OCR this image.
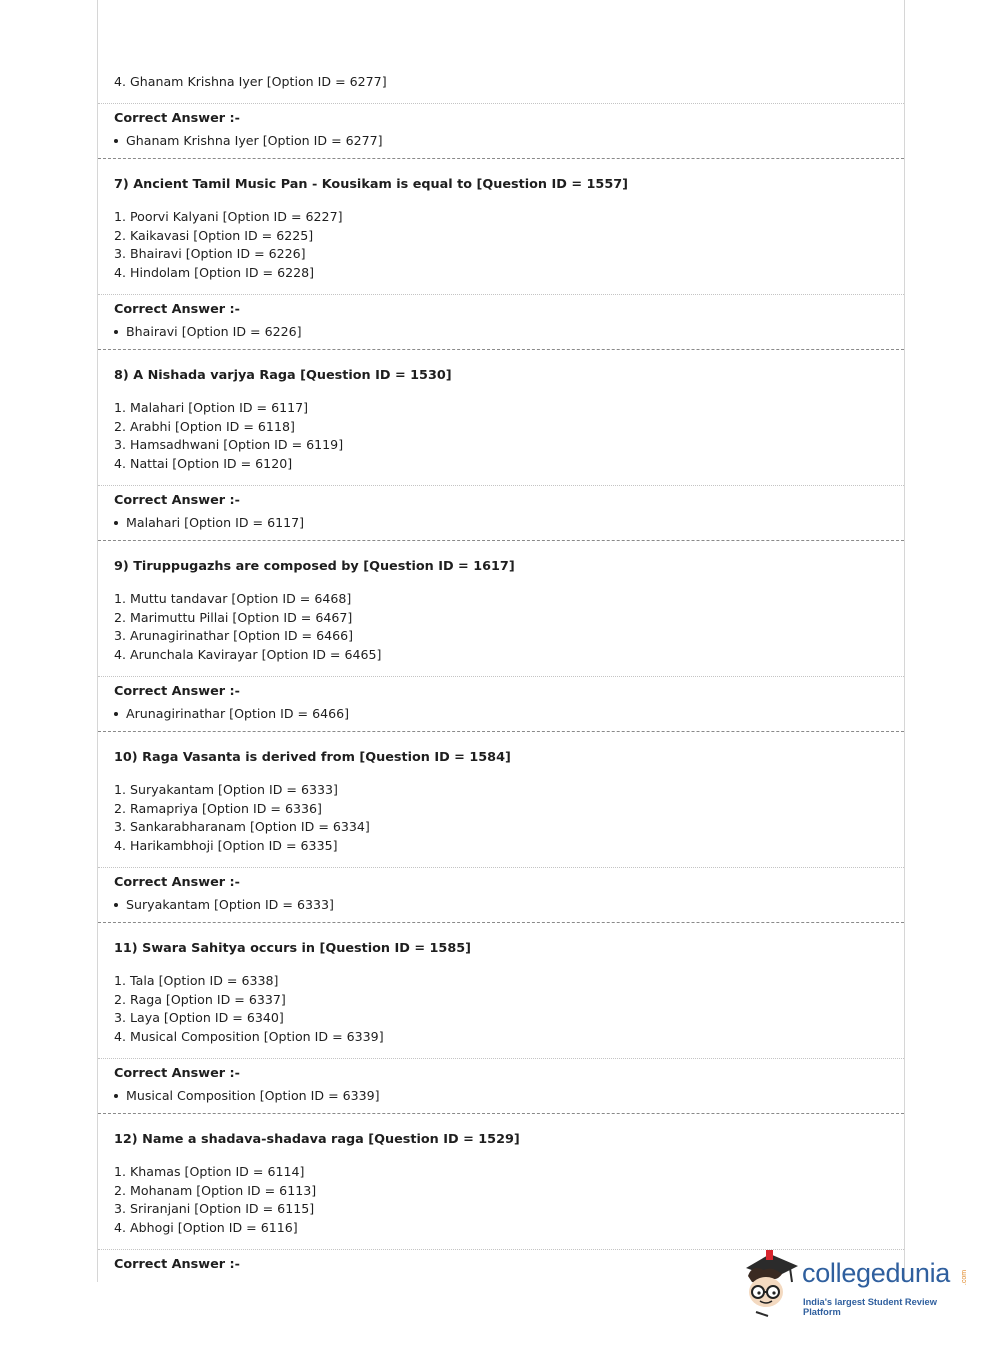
4. Ghanam Krishna Iyer [Option ID = 6277]
Correct Answer :-
Ghanam Krishna Iyer [Option ID = 6277]
7) Ancient Tamil Music Pan - Kousikam is equal to [Question ID = 1557]
1. Poorvi Kalyani [Option ID = 6227]
2. Kaikavasi [Option ID = 6225]
3. Bhairavi [Option ID = 6226]
4. Hindolam [Option ID = 6228]
Correct Answer :-
Bhairavi [Option ID = 6226]
8) A Nishada varjya Raga [Question ID = 1530]
1. Malahari [Option ID = 6117]
2. Arabhi [Option ID = 6118]
3. Hamsadhwani [Option ID = 6119]
4. Nattai [Option ID = 6120]
Correct Answer :-
Malahari [Option ID = 6117]
9) Tiruppugazhs are composed by [Question ID = 1617]
1. Muttu tandavar [Option ID = 6468]
2. Marimuttu Pillai [Option ID = 6467]
3. Arunagirinathar [Option ID = 6466]
4. Arunchala Kavirayar [Option ID = 6465]
Correct Answer :-
Arunagirinathar [Option ID = 6466]
10) Raga Vasanta is derived from [Question ID = 1584]
1. Suryakantam [Option ID = 6333]
2. Ramapriya [Option ID = 6336]
3. Sankarabharanam [Option ID = 6334]
4. Harikambhoji [Option ID = 6335]
Correct Answer :-
Suryakantam [Option ID = 6333]
11) Swara Sahitya occurs in [Question ID = 1585]
1. Tala [Option ID = 6338]
2. Raga [Option ID = 6337]
3. Laya [Option ID = 6340]
4. Musical Composition [Option ID = 6339]
Correct Answer :-
Musical Composition [Option ID = 6339]
12) Name a shadava-shadava raga [Question ID = 1529]
1. Khamas [Option ID = 6114]
2. Mohanam [Option ID = 6113]
3. Sriranjani [Option ID = 6115]
4. Abhogi [Option ID = 6116]
Correct Answer :-	collegedunia .com
India's largest Student Review Platform
